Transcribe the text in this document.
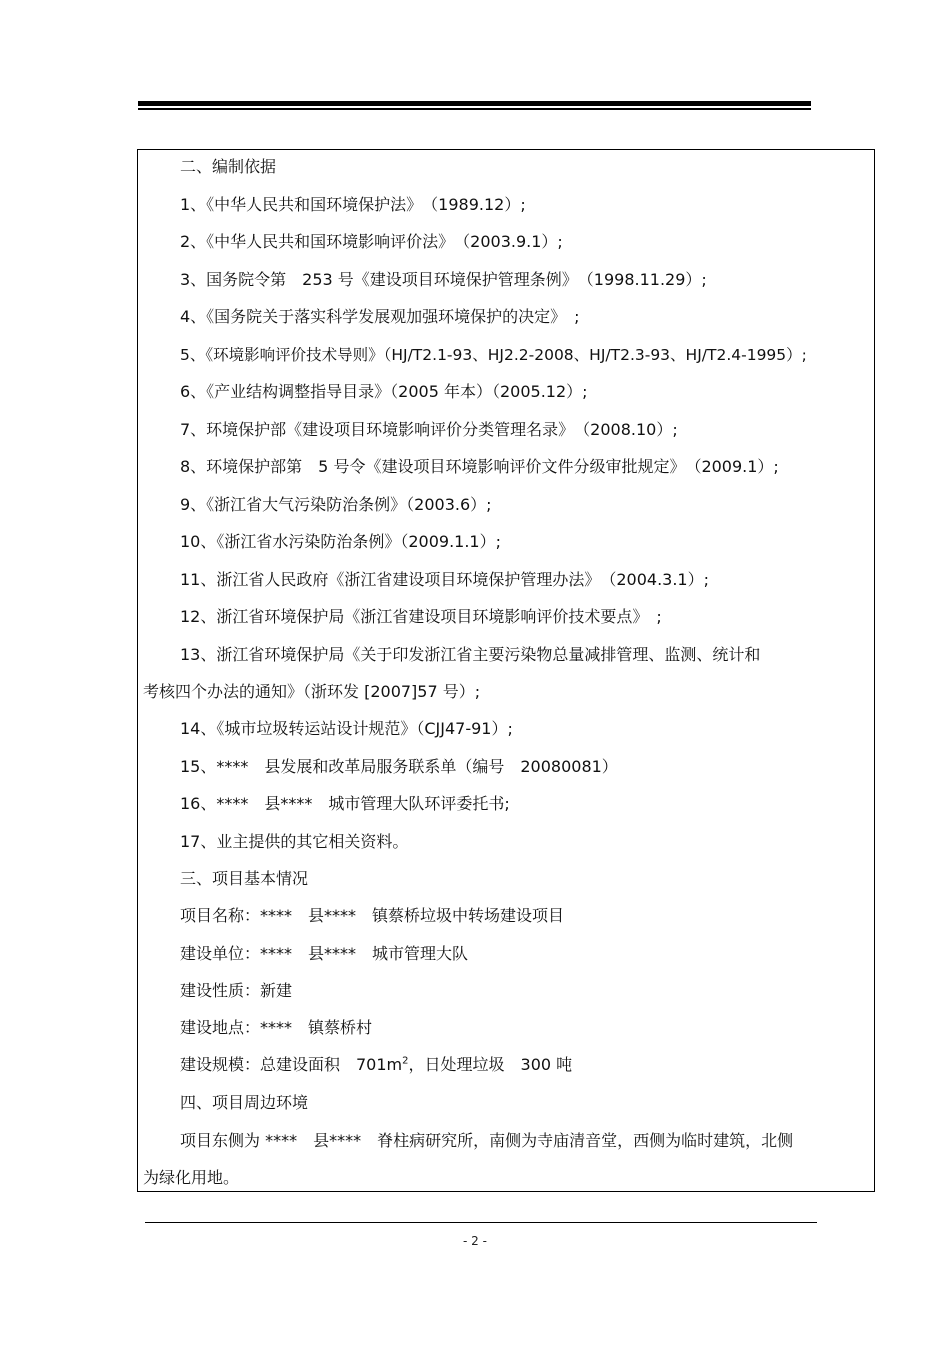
二、编制依据
1、《中华人民共和国环境保护法》　（1989.12）;
2、《中华人民共和国环境影响评价法》　（2003.9.1）;
3、国务院令第　253 号《建设项目环境保护管理条例》　（1998.11.29）;
4、《国务院关于落实科学发展观加强环境保护的决定》　;
5、《环境影响评价技术导则》（HJ/T2.1-93、HJ2.2-2008、HJ/T2.3-93、HJ/T2.4-1995）;
6、《产业结构调整指导目录》（2005 年本）（2005.12）;
7、环境保护部《建设项目环境影响评价分类管理名录》　（2008.10）;
8、环境保护部第　5 号令《建设项目环境影响评价文件分级审批规定》　（2009.1）;
9、《浙江省大气污染防治条例》（2003.6）;
10、《浙江省水污染防治条例》（2009.1.1）;
11、浙江省人民政府《浙江省建设项目环境保护管理办法》　（2004.3.1）;
12、浙江省环境保护局《浙江省建设项目环境影响评价技术要点》　;
13、浙江省环境保护局《关于印发浙江省主要污染物总量减排管理、监测、统计和
考核四个办法的通知》（浙环发 [2007]57 号）;
14、《城市垃圾转运站设计规范》（CJJ47-91）;
15、****　县发展和改革局服务联系单（编号　20080081）
16、****　县****　城市管理大队环评委托书;
17、业主提供的其它相关资料。
三、项目基本情况
项目名称：****　县****　镇蔡桥垃圾中转场建设项目
建设单位：****　县****　城市管理大队
建设性质：新建
建设地点：****　镇蔡桥村
建设规模：总建设面积　$701m^2$，日处理垃圾　300 吨
四、项目周边环境
项目东侧为 ****　县****　脊柱病研究所，南侧为寺庙清音堂，西侧为临时建筑，北侧
为绿化用地。
- 2 -
